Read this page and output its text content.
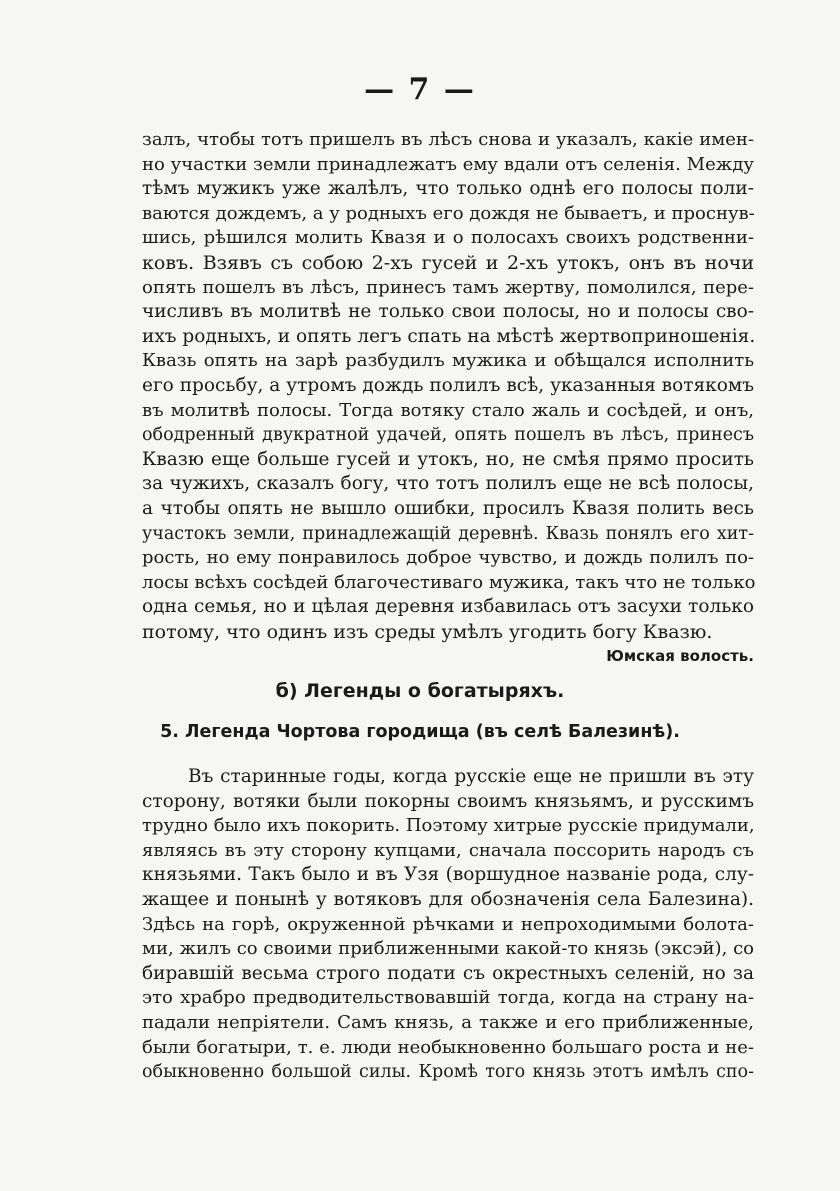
— 7 —
залъ, чтобы тотъ пришелъ въ лѣсъ снова и указалъ, какіе имен-
но участки земли принадлежатъ ему вдали отъ селенія. Между
тѣмъ мужикъ уже жалѣлъ, что только однѣ его полосы поли-
ваются дождемъ, а у родныхъ его дождя не бываетъ, и проснув-
шись, рѣшился молить Квазя и о полосахъ своихъ родственни-
ковъ. Взявъ съ собою 2-хъ гусей и 2-хъ утокъ, онъ въ ночи
опять пошелъ въ лѣсъ, принесъ тамъ жертву, помолился, пере-
числивъ въ молитвѣ не только свои полосы, но и полосы сво-
ихъ родныхъ, и опять легъ спать на мѣстѣ жертвоприношенія.
Квазь опять на зарѣ разбудилъ мужика и обѣщался исполнить
его просьбу, а утромъ дождь полилъ всѣ, указанныя вотякомъ
въ молитвѣ полосы. Тогда вотяку стало жаль и сосѣдей, и онъ,
ободренный двукратной удачей, опять пошелъ въ лѣсъ, принесъ
Квазю еще больше гусей и утокъ, но, не смѣя прямо просить
за чужихъ, сказалъ богу, что тотъ полилъ еще не всѣ полосы,
а чтобы опять не вышло ошибки, просилъ Квазя полить весь
участокъ земли, принадлежащій деревнѣ. Квазь понялъ его хит-
рость, но ему понравилось доброе чувство, и дождь полилъ по-
лосы всѣхъ сосѣдей благочестиваго мужика, такъ что не только
одна семья, но и цѣлая деревня избавилась отъ засухи только
потому, что одинъ изъ среды умѣлъ угодить богу Квазю.
Юмская волость.
б) Легенды о богатыряхъ.
5. Легенда Чортова городища (въ селѣ Балезинѣ).
Въ старинные годы, когда русскіе еще не пришли въ эту
сторону, вотяки были покорны своимъ князьямъ, и русскимъ
трудно было ихъ покорить. Поэтому хитрые русскіе придумали,
являясь въ эту сторону купцами, сначала поссорить народъ съ
князьями. Такъ было и въ Узя (воршудное названіе рода, слу-
жащее и понынѣ у вотяковъ для обозначенія села Балезина).
Здѣсь на горѣ, окруженной рѣчками и непроходимыми болота-
ми, жилъ со своими приближенными какой-то князь (эксэй), со
биравшій весьма строго подати съ окрестныхъ селеній, но за
это храбро предводительствовавшій тогда, когда на страну на-
падали непріятели. Самъ князь, а также и его приближенные,
были богатыри, т. е. люди необыкновенно большаго роста и не-
обыкновенно большой силы. Кромѣ того князь этотъ имѣлъ спо-
